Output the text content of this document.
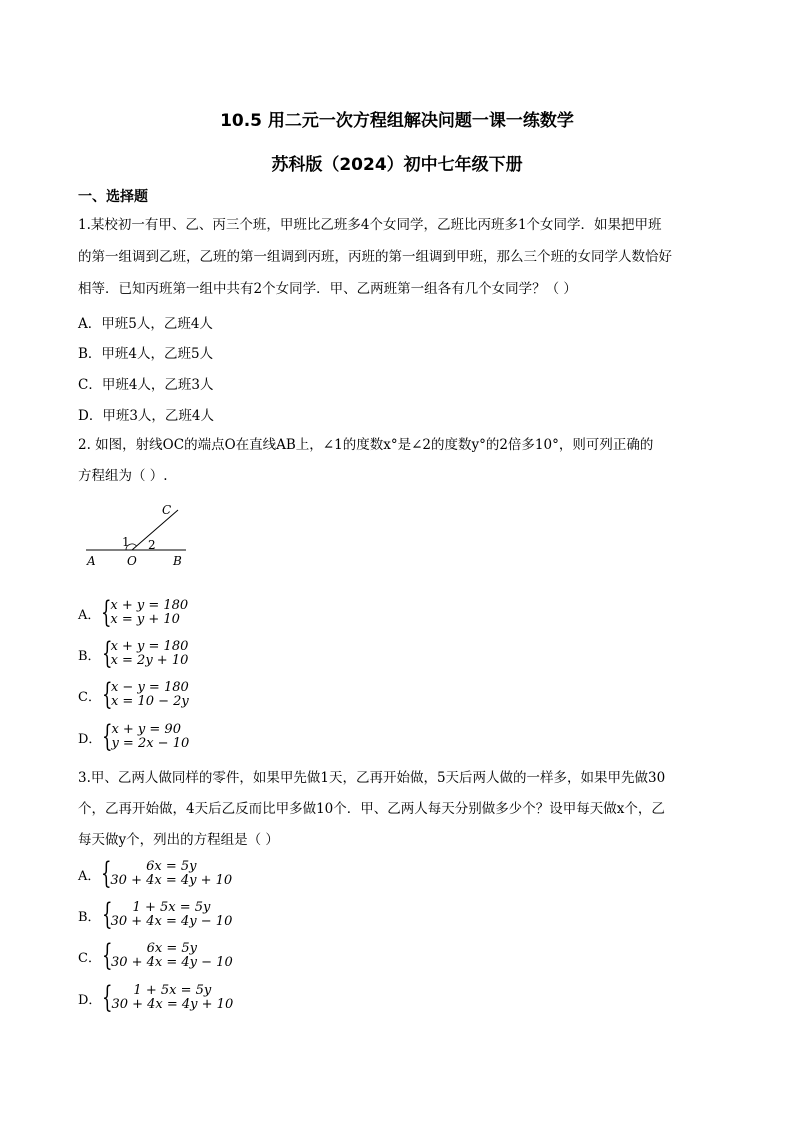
10.5 用二元一次方程组解决问题一课一练数学
苏科版（2024）初中七年级下册
一、选择题
1.某校初一有甲、乙、丙三个班，甲班比乙班多4个女同学，乙班比丙班多1个女同学．如果把甲班
的第一组调到乙班，乙班的第一组调到丙班，丙班的第一组调到甲班，那么三个班的女同学人数恰好
相等．已知丙班第一组中共有2个女同学．甲、乙两班第一组各有几个女同学？（ ）
A．甲班5人，乙班4人
B．甲班4人，乙班5人
C．甲班4人，乙班3人
D．甲班3人，乙班4人
2. 如图，射线OC的端点O在直线AB上，∠1的度数x°是∠2的度数y°的2倍多10°，则可列正确的
方程组为（ ）.
C
1 2
A	O	B
A． {
x + y = 180
x = y + 10
B． {
x + y = 180
x = 2y + 10
C． {
x − y = 180
x = 10 − 2y
D． {
x + y = 90
y = 2x − 10
3.甲、乙两人做同样的零件，如果甲先做1天，乙再开始做，5天后两人做的一样多，如果甲先做30
个，乙再开始做，4天后乙反而比甲多做10个．甲、乙两人每天分别做多少个？设甲每天做x个，乙
每天做y个，列出的方程组是（ ）
A． {	6x = 5y
30 + 4x = 4y + 10
B． { 1 + 5x = 5y
30 + 4x = 4y − 10
C． {	6x = 5y
30 + 4x = 4y − 10
D． { 1 + 5x = 5y
30 + 4x = 4y + 10
